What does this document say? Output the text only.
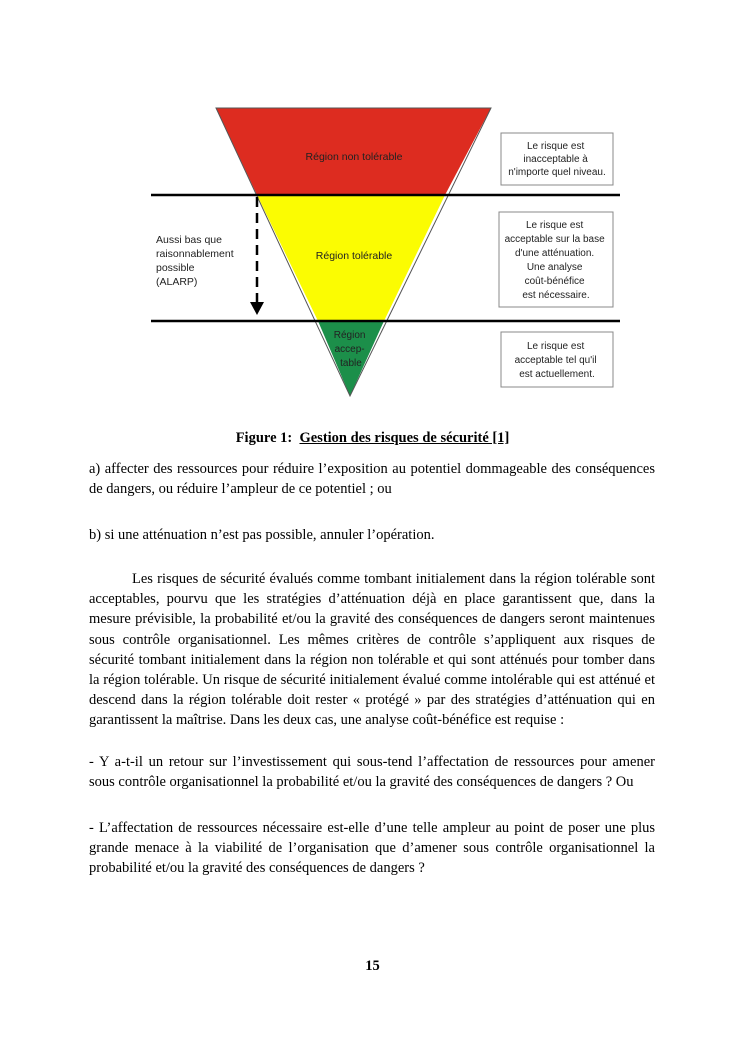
Région non tolérable
Région tolérable
Région accep- table
Aussi bas que raisonnablement possible (ALARP)
Le risque est inacceptable à n'importe quel niveau.
Le risque est acceptable sur la base d'une atténuation. Une analyse coût-bénéfice est nécessaire.
Le risque est acceptable tel qu'il est actuellement.
Figure 1: Gestion des risques de sécurité [1]

a) affecter des ressources pour réduire l’exposition au potentiel dommageable des conséquences de dangers, ou réduire l’ampleur de ce potentiel ; ou

b) si une atténuation n’est pas possible, annuler l’opération.

Les risques de sécurité évalués comme tombant initialement dans la région tolérable sont acceptables, pourvu que les stratégies d’atténuation déjà en place garantissent que, dans la mesure prévisible, la probabilité et/ou la gravité des conséquences de dangers seront maintenues sous contrôle organisationnel. Les mêmes critères de contrôle s’appliquent aux risques de sécurité tombant initialement dans la région non tolérable et qui sont atténués pour tomber dans la région tolérable. Un risque de sécurité initialement évalué comme intolérable qui est atténué et descend dans la région tolérable doit rester « protégé » par des stratégies d’atténuation qui en garantissent la maîtrise. Dans les deux cas, une analyse coût-bénéfice est requise :

- Y a-t-il un retour sur l’investissement qui sous-tend l’affectation de ressources pour amener sous contrôle organisationnel la probabilité et/ou la gravité des conséquences de dangers ? Ou

- L’affectation de ressources nécessaire est-elle d’une telle ampleur au point de poser une plus grande menace à la viabilité de l’organisation que d’amener sous contrôle organisationnel la probabilité et/ou la gravité des conséquences de dangers ?

15
